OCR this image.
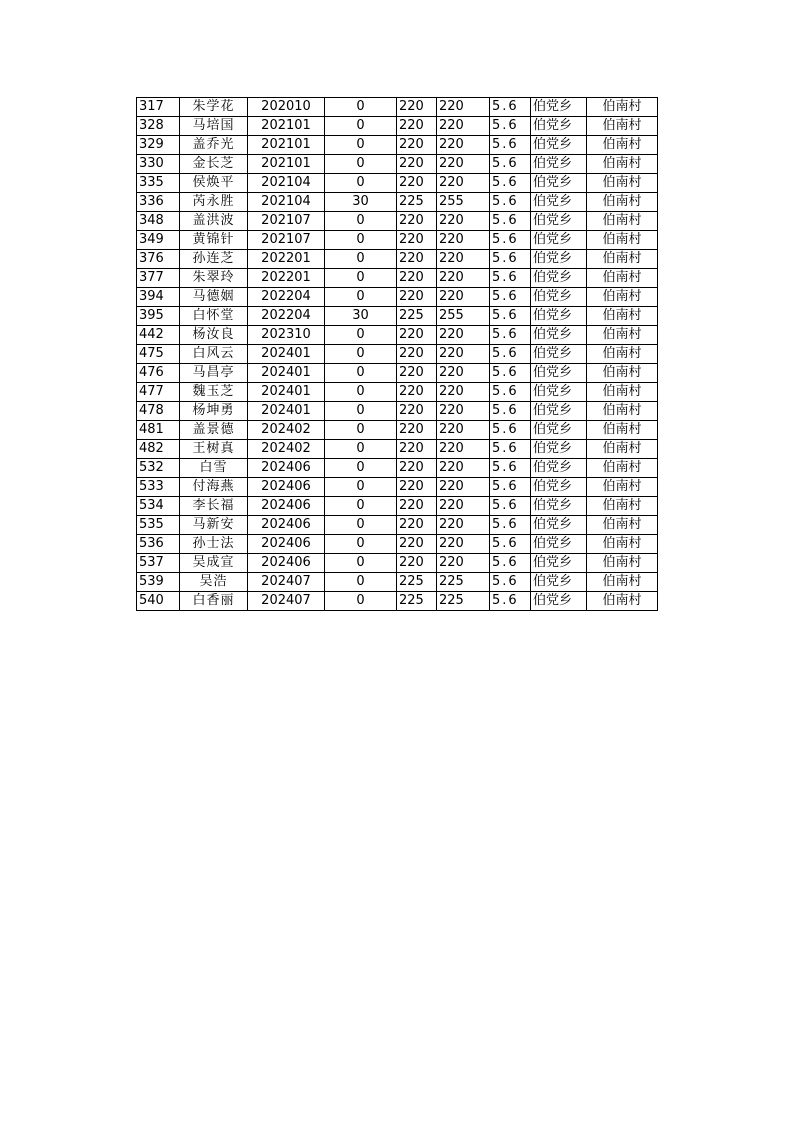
317	朱学花	202010	0	220	220	5.6	伯党乡	伯南村
328	马培国	202101	0	220	220	5.6	伯党乡	伯南村
329	盖乔光	202101	0	220	220	5.6	伯党乡	伯南村
330	金长芝	202101	0	220	220	5.6	伯党乡	伯南村
335	侯焕平	202104	0	220	220	5.6	伯党乡	伯南村
336	芮永胜	202104	30	225	255	5.6	伯党乡	伯南村
348	盖洪波	202107	0	220	220	5.6	伯党乡	伯南村
349	黄锦针	202107	0	220	220	5.6	伯党乡	伯南村
376	孙连芝	202201	0	220	220	5.6	伯党乡	伯南村
377	朱翠玲	202201	0	220	220	5.6	伯党乡	伯南村
394	马德姻	202204	0	220	220	5.6	伯党乡	伯南村
395	白怀堂	202204	30	225	255	5.6	伯党乡	伯南村
442	杨汝良	202310	0	220	220	5.6	伯党乡	伯南村
475	白风云	202401	0	220	220	5.6	伯党乡	伯南村
476	马昌亭	202401	0	220	220	5.6	伯党乡	伯南村
477	魏玉芝	202401	0	220	220	5.6	伯党乡	伯南村
478	杨坤勇	202401	0	220	220	5.6	伯党乡	伯南村
481	盖景德	202402	0	220	220	5.6	伯党乡	伯南村
482	王树真	202402	0	220	220	5.6	伯党乡	伯南村
532	白雪	202406	0	220	220	5.6	伯党乡	伯南村
533	付海燕	202406	0	220	220	5.6	伯党乡	伯南村
534	李长福	202406	0	220	220	5.6	伯党乡	伯南村
535	马新安	202406	0	220	220	5.6	伯党乡	伯南村
536	孙士法	202406	0	220	220	5.6	伯党乡	伯南村
537	吴成宣	202406	0	220	220	5.6	伯党乡	伯南村
539	吴浩	202407	0	225	225	5.6	伯党乡	伯南村
540	白香丽	202407	0	225	225	5.6	伯党乡	伯南村
